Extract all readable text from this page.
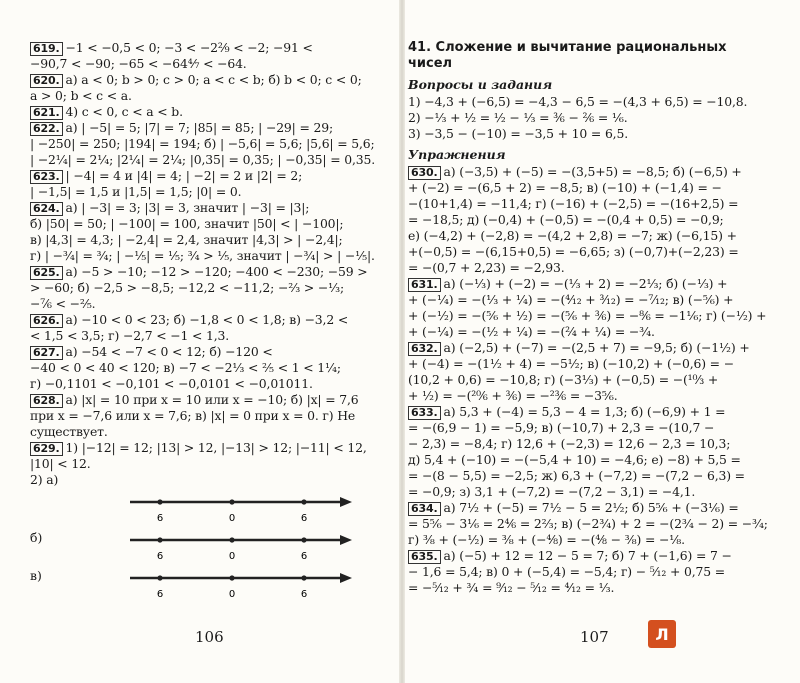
619. −1 < −0,5 < 0; −3 < −2²⁄₉ < −2; −91 <
−90,7 < −90; −65 < −64⁴⁄₇ < −64.
620. а) a < 0; b > 0; c > 0; a < c < b; б) b < 0; c < 0;
a > 0; b < c < a.
621. 4) c < 0, c < a < b.
622. а) | −5| = 5; |7| = 7; |85| = 85; | −29| = 29;
| −250| = 250; |194| = 194; б) | −5,6| = 5,6; |5,6| = 5,6;
| −2¼| = 2¼; |2¼| = 2¼; |0,35| = 0,35; | −0,35| = 0,35.
623. | −4| = 4 и |4| = 4; | −2| = 2 и |2| = 2;
| −1,5| = 1,5 и |1,5| = 1,5; |0| = 0.
624. а) | −3| = 3; |3| = 3, значит | −3| = |3|;
б) |50| = 50; | −100| = 100, значит |50| < | −100|;
в) |4,3| = 4,3; | −2,4| = 2,4, значит |4,3| > | −2,4|;
г) | −¾| = ¾; | −⅕| = ⅕; ¾ > ⅕, значит | −¾| > | −⅕|.
625. а) −5 > −10; −12 > −120; −400 < −230; −59 >
> −60; б) −2,5 > −8,5; −12,2 < −11,2; −⅔ > −⅓;
−⁷⁄₆ < −⅖.
626. а) −10 < 0 < 23; б) −1,8 < 0 < 1,8; в) −3,2 <
< 1,5 < 3,5; г) −2,7 < −1 < 1,3.
627. а) −54 < −7 < 0 < 12; б) −120 <
−40 < 0 < 40 < 120; в) −7 < −2⅓ < ⅖ < 1 < 1¼;
г) −0,1101 < −0,101 < −0,0101 < −0,01011.
628. а) |x| = 10 при x = 10 или x = −10; б) |x| = 7,6
при x = −7,6 или x = 7,6; в) |x| = 0 при x = 0. г) Не
существует.
629. 1) |−12| = 12; |13| > 12, |−13| > 12; |−11| < 12,
|10| < 12.
2) а)
6	0	6
б)
6	0	6
в)
6	0	6
106
41. Сложение и вычитание рациональных
чисел
Вопросы и задания
1) −4,3 + (−6,5) = −4,3 − 6,5 = −(4,3 + 6,5) = −10,8.
2) −⅓ + ½ = ½ − ⅓ = ³⁄₆ − ²⁄₆ = ⅙.
3) −3,5 − (−10) = −3,5 + 10 = 6,5.
Упражнения
630. а) (−3,5) + (−5) = −(3,5+5) = −8,5; б) (−6,5) +
+ (−2) = −(6,5 + 2) = −8,5; в) (−10) + (−1,4) = −
−(10+1,4) = −11,4; г) (−16) + (−2,5) = −(16+2,5) =
= −18,5; д) (−0,4) + (−0,5) = −(0,4 + 0,5) = −0,9;
е) (−4,2) + (−2,8) = −(4,2 + 2,8) = −7; ж) (−6,15) +
+(−0,5) = −(6,15+0,5) = −6,65; з) (−0,7)+(−2,23) =
= −(0,7 + 2,23) = −2,93.
631. а) (−⅓) + (−2) = −(⅓ + 2) = −2⅓; б) (−⅓) +
+ (−¼) = −(⅓ + ¼) = −(⁴⁄₁₂ + ³⁄₁₂) = −⁷⁄₁₂; в) (−⅚) +
+ (−½) = −(⅚ + ½) = −(⅚ + ³⁄₆) = −⁸⁄₆ = −1⅙; г) (−½) +
+ (−¼) = −(½ + ¼) = −(²⁄₄ + ¼) = −¾.
632. а) (−2,5) + (−7) = −(2,5 + 7) = −9,5; б) (−1½) +
+ (−4) = −(1½ + 4) = −5½; в) (−10,2) + (−0,6) = −
(10,2 + 0,6) = −10,8; г) (−3⅓) + (−0,5) = −(¹⁰⁄₃ +
+ ½) = −(²⁰⁄₆ + ³⁄₆) = −²³⁄₆ = −3⅚.
633. а) 5,3 + (−4) = 5,3 − 4 = 1,3; б) (−6,9) + 1 =
= −(6,9 − 1) = −5,9; в) (−10,7) + 2,3 = −(10,7 −
− 2,3) = −8,4; г) 12,6 + (−2,3) = 12,6 − 2,3 = 10,3;
д) 5,4 + (−10) = −(−5,4 + 10) = −4,6; е) −8) + 5,5 =
= −(8 − 5,5) = −2,5; ж) 6,3 + (−7,2) = −(7,2 − 6,3) =
= −0,9; з) 3,1 + (−7,2) = −(7,2 − 3,1) = −4,1.
634. а) 7½ + (−5) = 7½ − 5 = 2½; б) 5⅚ + (−3⅙) =
= 5⅚ − 3⅙ = 2⁴⁄₆ = 2⅔; в) (−2¾) + 2 = −(2¾ − 2) = −¾;
г) ⅜ + (−½) = ⅜ + (−⁴⁄₈) = −(⁴⁄₈ − ⅜) = −⅛.
635. а) (−5) + 12 = 12 − 5 = 7; б) 7 + (−1,6) = 7 −
− 1,6 = 5,4; в) 0 + (−5,4) = −5,4; г) − ⁵⁄₁₂ + 0,75 =
= −⁵⁄₁₂ + ¾ = ⁹⁄₁₂ − ⁵⁄₁₂ = ⁴⁄₁₂ = ⅓.
107	Л
